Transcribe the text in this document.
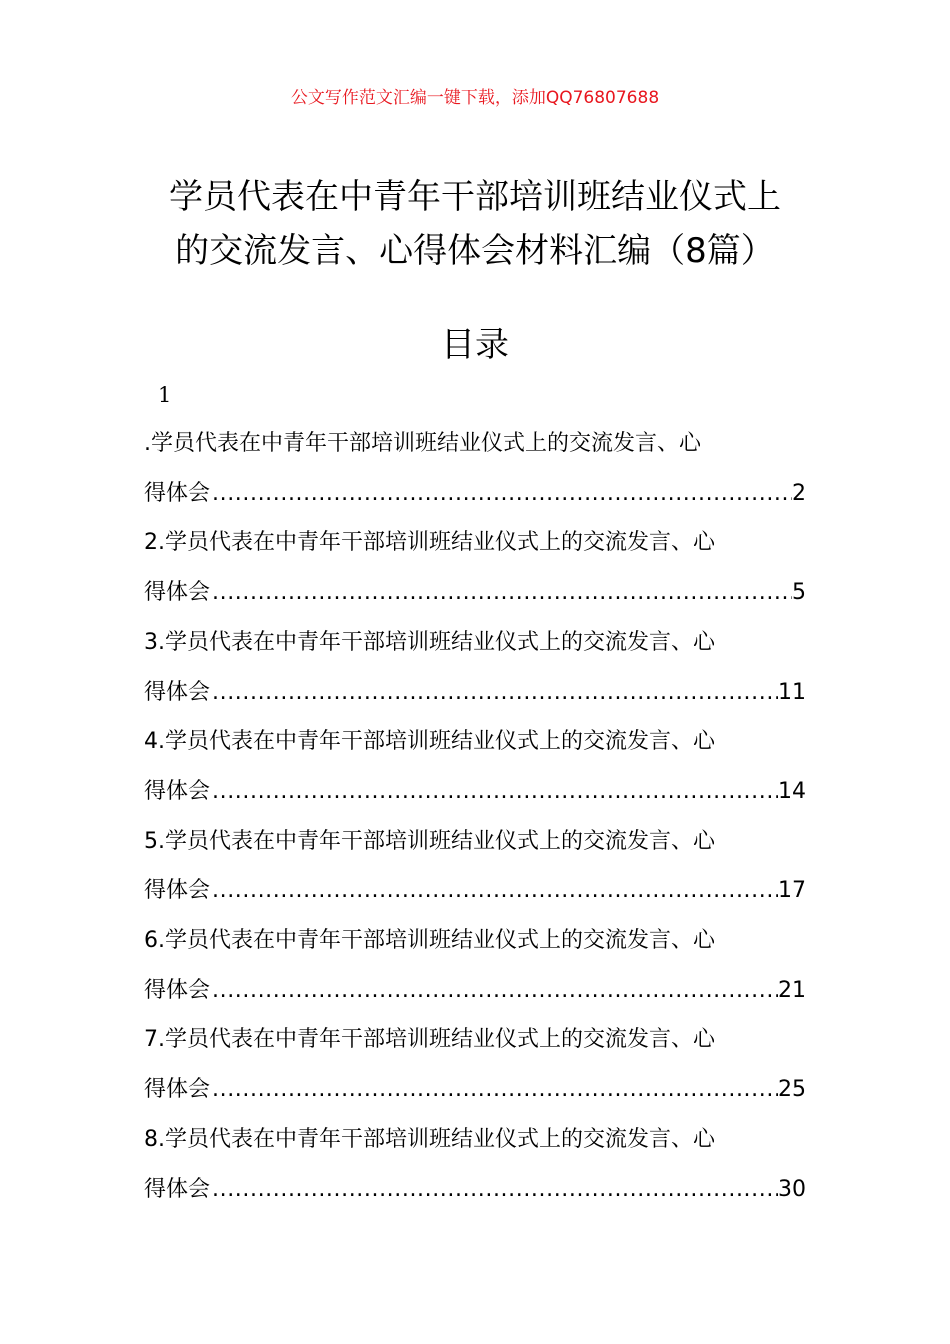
公文写作范文汇编一键下载，添加QQ76807688
学员代表在中青年干部培训班结业仪式上
的交流发言、心得体会材料汇编（8篇）
目录
1
.学员代表在中青年干部培训班结业仪式上的交流发言、心
得体会 .....	2
2.学员代表在中青年干部培训班结业仪式上的交流发言、心
得体会 .....	5
3.学员代表在中青年干部培训班结业仪式上的交流发言、心
得体会 .....	11
4.学员代表在中青年干部培训班结业仪式上的交流发言、心
得体会 .....	14
5.学员代表在中青年干部培训班结业仪式上的交流发言、心
得体会 .....	17
6.学员代表在中青年干部培训班结业仪式上的交流发言、心
得体会 .....	21
7.学员代表在中青年干部培训班结业仪式上的交流发言、心
得体会 .....	25
8.学员代表在中青年干部培训班结业仪式上的交流发言、心
得体会 .....	30
